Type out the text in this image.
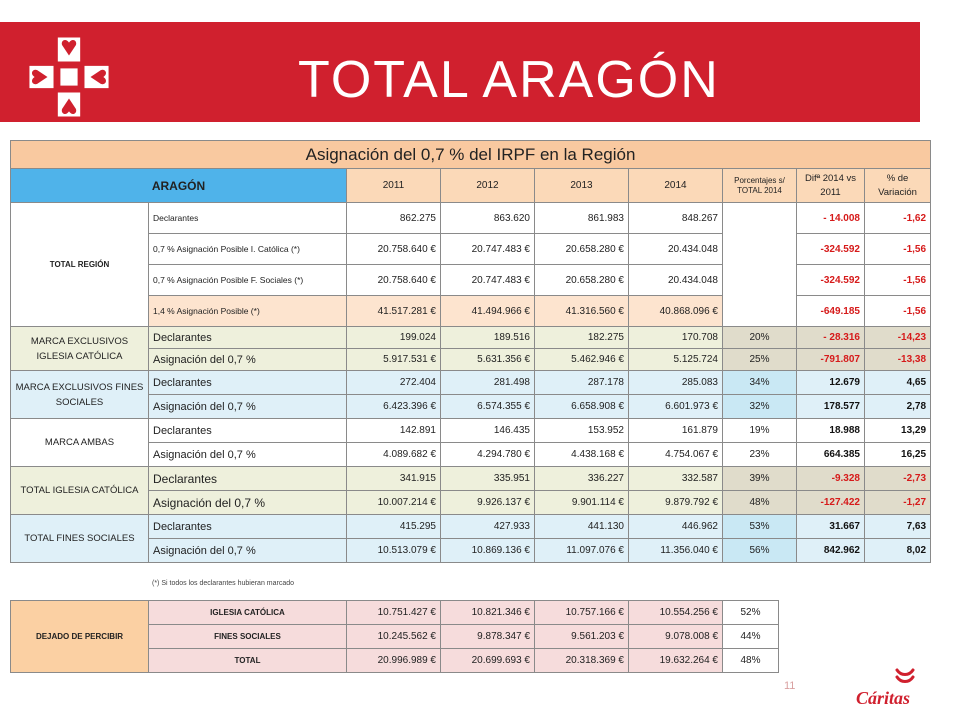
TOTAL ARAGÓN
Asignación del 0,7 % del IRPF en la Región								
ARAGÓN		2011	2012	2013	2014	Porcentajes s/ TOTAL 2014	Difª 2014 vs 2011	% de Variación
TOTAL REGIÓN	Declarantes	862.275	863.620	861.983	848.267		- 14.008	-1,62
	0,7 % Asignación Posible I. Católica (*)	20.758.640 €	20.747.483 €	20.658.280 €	20.434.048		-324.592	-1,56
	0,7 % Asignación Posible F. Sociales (*)	20.758.640 €	20.747.483 €	20.658.280 €	20.434.048		-324.592	-1,56
	1,4 % Asignación Posible (*)	41.517.281 €	41.494.966 €	41.316.560 €	40.868.096 €		-649.185	-1,56
MARCA EXCLUSIVOS IGLESIA CATÓLICA	Declarantes	199.024	189.516	182.275	170.708	20%	- 28.316	-14,23
	Asignación del 0,7 %	5.917.531 €	5.631.356 €	5.462.946 €	5.125.724	25%	-791.807	-13,38
MARCA EXCLUSIVOS FINES SOCIALES	Declarantes	272.404	281.498	287.178	285.083	34%	12.679	4,65
	Asignación del 0,7 %	6.423.396 €	6.574.355 €	6.658.908 €	6.601.973 €	32%	178.577	2,78
MARCA AMBAS	Declarantes	142.891	146.435	153.952	161.879	19%	18.988	13,29
	Asignación del 0,7 %	4.089.682 €	4.294.780 €	4.438.168 €	4.754.067 €	23%	664.385	16,25
TOTAL IGLESIA CATÓLICA	Declarantes	341.915	335.951	336.227	332.587	39%	-9.328	-2,73
	Asignación del 0,7 %	10.007.214 €	9.926.137 €	9.901.114 €	9.879.792 €	48%	-127.422	-1,27
TOTAL FINES SOCIALES	Declarantes	415.295	427.933	441.130	446.962	53%	31.667	7,63
	Asignación del 0,7 %	10.513.079 €	10.869.136 €	11.097.076 €	11.356.040 €	56%	842.962	8,02

(*) Si todos los declarantes hubieran marcado

DEJADO DE PERCIBIR	IGLESIA CATÓLICA	10.751.427 €	10.821.346 €	10.757.166 €	10.554.256 €	52%
	FINES SOCIALES	10.245.562 €	9.878.347 €	9.561.203 €	9.078.008 €	44%
	TOTAL	20.996.989 €	20.699.693 €	20.318.369 €	19.632.264 €	48%

11

Cáritas
